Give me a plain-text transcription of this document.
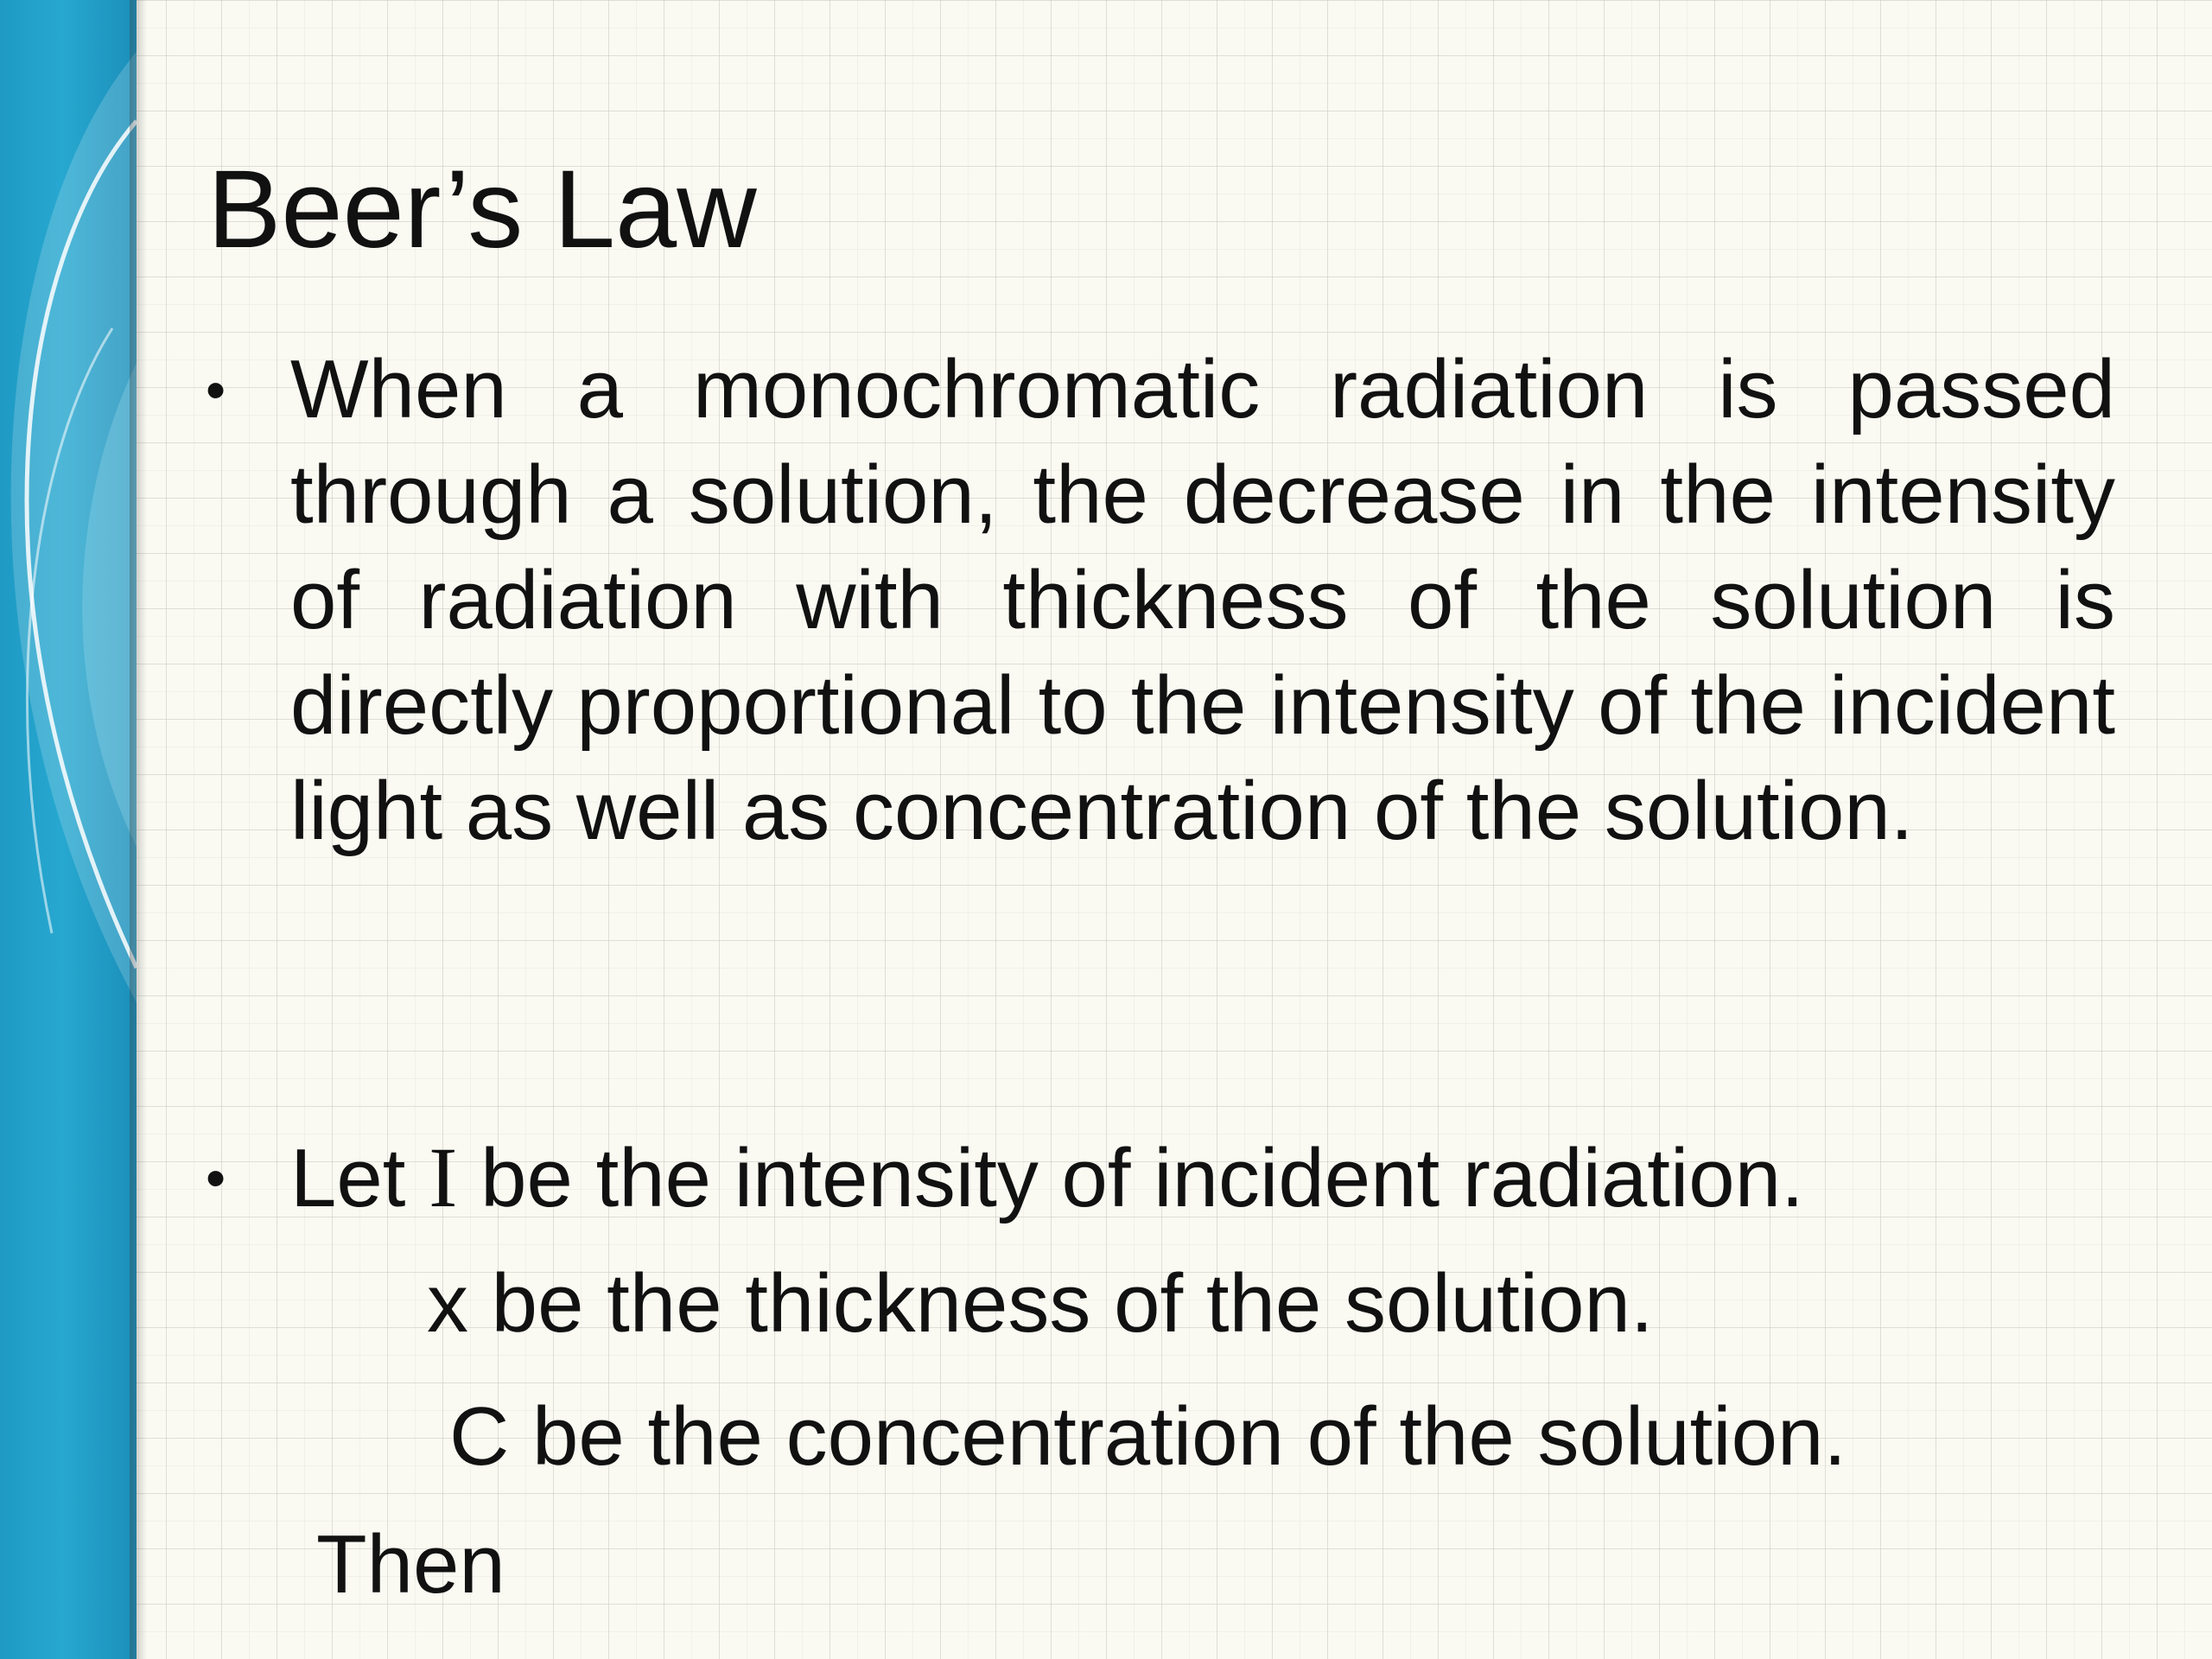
Beer’s Law
• When a monochromatic radiation is passed through a solution, the decrease in the intensity of radiation with thickness of the solution is directly proportional to the intensity of the incident light as well as concentration of the solution.

• Let I be the intensity of incident radiation.
x be the thickness of the solution.
C be the concentration of the solution.
Then
